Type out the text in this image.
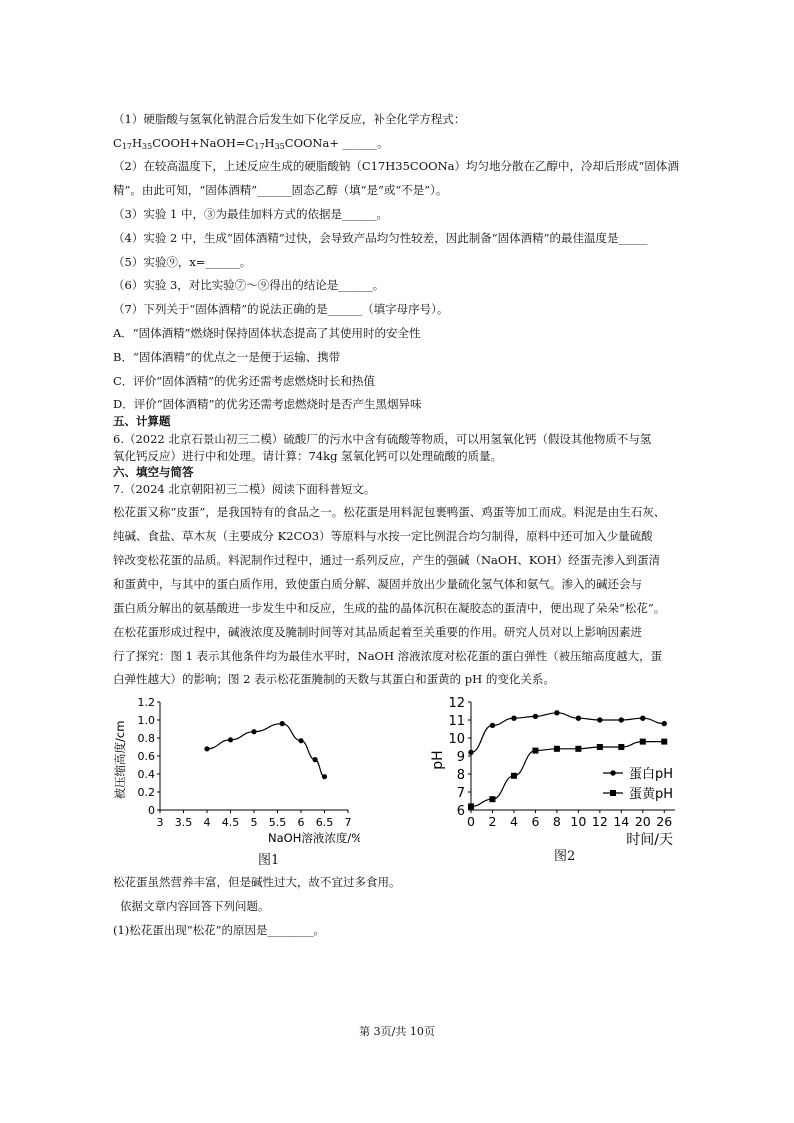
（1）硬脂酸与氢氧化钠混合后发生如下化学反应，补全化学方程式：
$C_{17}H_{35}COOH+NaOH=C_{17}H_{35}COONa+$ ______。
（2）在较高温度下，上述反应生成的硬脂酸钠（C17H35COONa）均匀地分散在乙醇中，冷却后形成“固体酒
精”。由此可知，“固体酒精”______固态乙醇（填“是”或“不是”）。
（3）实验 1 中，③为最佳加料方式的依据是______。
（4）实验 2 中，生成“固体酒精”过快，会导致产品均匀性较差，因此制备“固体酒精”的最佳温度是_____
（5）实验⑨，x=______。
（6）实验 3，对比实验⑦～⑨得出的结论是______。
（7）下列关于“固体酒精”的说法正确的是______（填字母序号）。
A．“固体酒精”燃烧时保持固体状态提高了其使用时的安全性
B．“固体酒精”的优点之一是便于运输、携带
C．评价“固体酒精”的优劣还需考虑燃烧时长和热值
D．评价“固体酒精”的优劣还需考虑燃烧时是否产生黑烟异味
五、计算题
6.（2022 北京石景山初三二模）硫酸厂的污水中含有硫酸等物质，可以用氢氧化钙（假设其他物质不与氢
氧化钙反应）进行中和处理。请计算：74kg 氢氧化钙可以处理硫酸的质量。
六、填空与简答
7.（2024 北京朝阳初三二模）阅读下面科普短文。
松花蛋又称“皮蛋”，是我国特有的食品之一。松花蛋是用料泥包裹鸭蛋、鸡蛋等加工而成。料泥是由生石灰、
纯碱、食盐、草木灰（主要成分 K2CO3）等原料与水按一定比例混合均匀制得，原料中还可加入少量硫酸
锌改变松花蛋的品质。料泥制作过程中，通过一系列反应，产生的强碱（NaOH、KOH）经蛋壳渗入到蛋清
和蛋黄中，与其中的蛋白质作用，致使蛋白质分解、凝固并放出少量硫化氢气体和氨气。渗入的碱还会与
蛋白质分解出的氨基酸进一步发生中和反应，生成的盐的晶体沉积在凝胶态的蛋清中，便出现了朵朵“松花”。
在松花蛋形成过程中，碱液浓度及腌制时间等对其品质起着至关重要的作用。研究人员对以上影响因素进
行了探究：图 1 表示其他条件均为最佳水平时，NaOH 溶液浓度对松花蛋的蛋白弹性（被压缩高度越大，蛋
白弹性越大）的影响；图 2 表示松花蛋腌制的天数与其蛋白和蛋黄的 pH 的变化关系。
0
0.2
0.4
0.6
0.8
1.0
1.2
3 3.5 4 4.5 5 5.5 6 6.5 7
NaOH溶液浓度/%
被压缩高度/cm
图1
6
7
8
9
10
11
12
0 2 4 6 8 10 12 14 20 26
蛋白pH
蛋黄pH
时间/天
pH
图2
松花蛋虽然营养丰富，但是碱性过大，故不宜过多食用。
依据文章内容回答下列问题。
(1)松花蛋出现“松花”的原因是________。
第 3页/共 10页
